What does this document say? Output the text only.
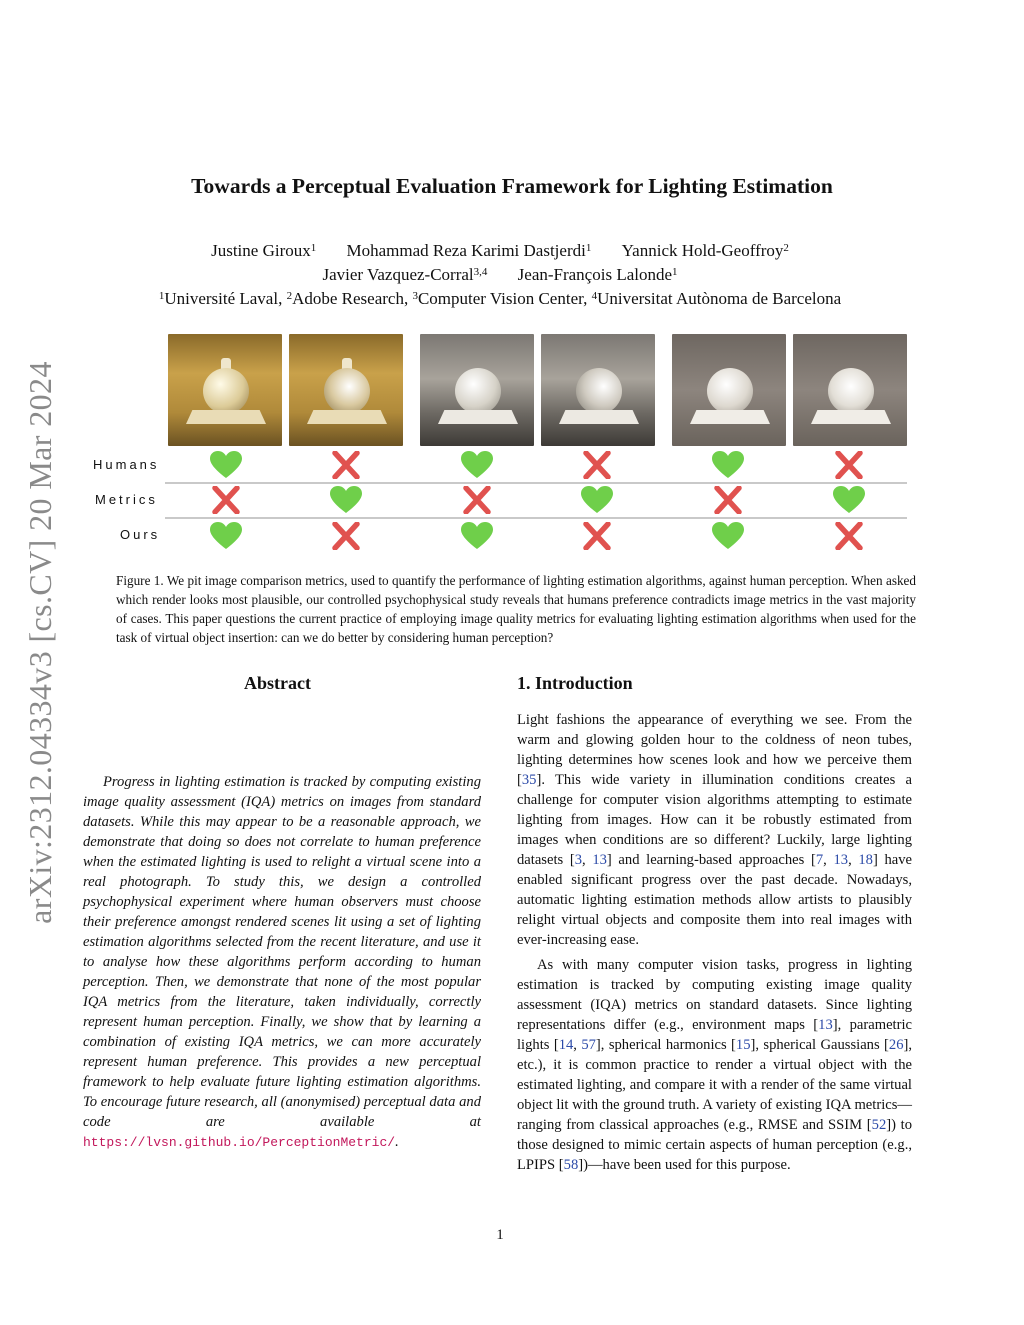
arXiv:2312.04334v3 [cs.CV] 20 Mar 2024
Towards a Perceptual Evaluation Framework for Lighting Estimation
Justine Giroux$^1$ Mohammad Reza Karimi Dastjerdi$^1$ Yannick Hold-Geoffroy$^2$
Javier Vazquez-Corral$^{3,4}$ Jean-François Lalonde$^1$
$^1$Université Laval, $^2$Adobe Research, $^3$Computer Vision Center, $^4$Universitat Autònoma de Barcelona
Humans
Metrics
Ours

Figure 1. We pit image comparison metrics, used to quantify the performance of lighting estimation algorithms, against human perception. When asked which render looks most plausible, our controlled psychophysical study reveals that humans preference contradicts image metrics in the vast majority of cases. This paper questions the current practice of employing image quality metrics for evaluating lighting estimation algorithms when used for the task of virtual object insertion: can we do better by considering human perception?

Abstract

Progress in lighting estimation is tracked by computing existing image quality assessment (IQA) metrics on images from standard datasets. While this may appear to be a reasonable approach, we demonstrate that doing so does not correlate to human preference when the estimated lighting is used to relight a virtual scene into a real photograph. To study this, we design a controlled psychophysical experiment where human observers must choose their preference amongst rendered scenes lit using a set of lighting estimation algorithms selected from the recent literature, and use it to analyse how these algorithms perform according to human perception. Then, we demonstrate that none of the most popular IQA metrics from the literature, taken individually, correctly represent human perception. Finally, we show that by learning a combination of existing IQA metrics, we can more accurately represent human preference. This provides a new perceptual framework to help evaluate future lighting estimation algorithms. To encourage future research, all (anonymised) perceptual data and code are available at https://lvsn.github.io/PerceptionMetric/.

1. Introduction

Light fashions the appearance of everything we see. From the warm and glowing golden hour to the coldness of neon tubes, lighting determines how scenes look and how we perceive them [35]. This wide variety in illumination conditions creates a challenge for computer vision algorithms attempting to estimate lighting from images. How can it be robustly estimated from images when conditions are so different? Luckily, large lighting datasets [3, 13] and learning-based approaches [7, 13, 18] have enabled significant progress over the past decade. Nowadays, automatic lighting estimation methods allow artists to plausibly relight virtual objects and composite them into real images with ever-increasing ease.

As with many computer vision tasks, progress in lighting estimation is tracked by computing existing image quality assessment (IQA) metrics on standard datasets. Since lighting representations differ (e.g., environment maps [13], parametric lights [14, 57], spherical harmonics [15], spherical Gaussians [26], etc.), it is common practice to render a virtual object with the estimated lighting, and compare it with a render of the same virtual object lit with the ground truth. A variety of existing IQA metrics—ranging from classical approaches (e.g., RMSE and SSIM [52]) to those designed to mimic certain aspects of human perception (e.g., LPIPS [58])—have been used for this purpose.

1
